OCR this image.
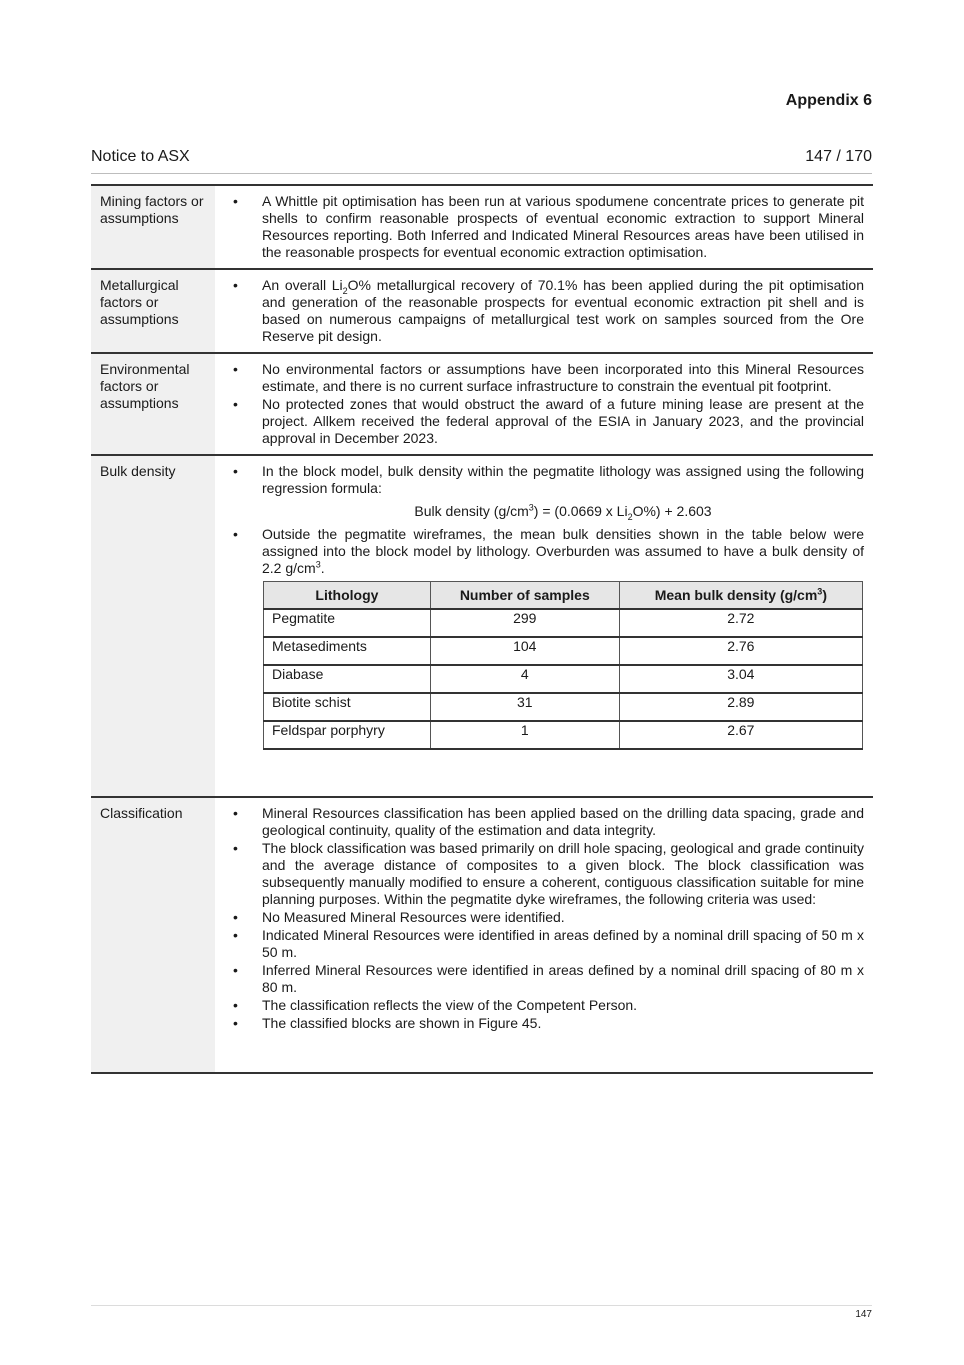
Appendix 6
Notice to ASX	147 / 170
Mining factors or assumptions	
• A Whittle pit optimisation has been run at various spodumene concentrate prices to generate pit shells to confirm reasonable prospects of eventual economic extraction to support Mineral Resources reporting. Both Inferred and Indicated Mineral Resources areas have been utilised in the reasonable prospects for eventual economic extraction optimisation.

Metallurgical factors or assumptions	
• An overall $Li_2O\%$ metallurgical recovery of 70.1% has been applied during the pit optimisation and generation of the reasonable prospects for eventual economic extraction pit shell and is based on numerous campaigns of metallurgical test work on samples sourced from the Ore Reserve pit design.

Environmental factors or assumptions	
• No environmental factors or assumptions have been incorporated into this Mineral Resources estimate, and there is no current surface infrastructure to constrain the eventual pit footprint.
• No protected zones that would obstruct the award of a future mining lease are present at the project. Allkem received the federal approval of the ESIA in January 2023, and the provincial approval in December 2023.

Bulk density	
•In the block model, bulk density within the pegmatite lithology was assigned using the following regression formula:
Bulk density $(g/cm^3) = (0.0669$ x $Li_2O\%) + 2.603$
• Outside the pegmatite wireframes, the mean bulk densities shown in the table below were assigned into the block model by lithology. Overburden was assumed to have a bulk density of 2.2 $g/cm^3$.
Lithology	Number of samples	Mean bulk density $(g/cm^3)$
Pegmatite	299	2.72
Metasediments	104	2.76
Diabase	4	3.04
Biotite schist	31	2.89
Feldspar porphyry	1	2.67

Classification	
•Mineral Resources classification has been applied based on the drilling data spacing, grade and geological continuity, quality of the estimation and data integrity.
• The block classification was based primarily on drill hole spacing, geological and grade continuity and the average distance of composites to a given block. The block classification was subsequently manually modified to ensure a coherent, contiguous classification suitable for mine planning purposes. Within the pegmatite dyke wireframes, the following criteria was used:
• No Measured Mineral Resources were identified.
• Indicated Mineral Resources were identified in areas defined by a nominal drill spacing of 50 m x 50 m.
• Inferred Mineral Resources were identified in areas defined by a nominal drill spacing of 80 m x 80 m.
• The classification reflects the view of the Competent Person.
• The classified blocks are shown in Figure 45.
147
